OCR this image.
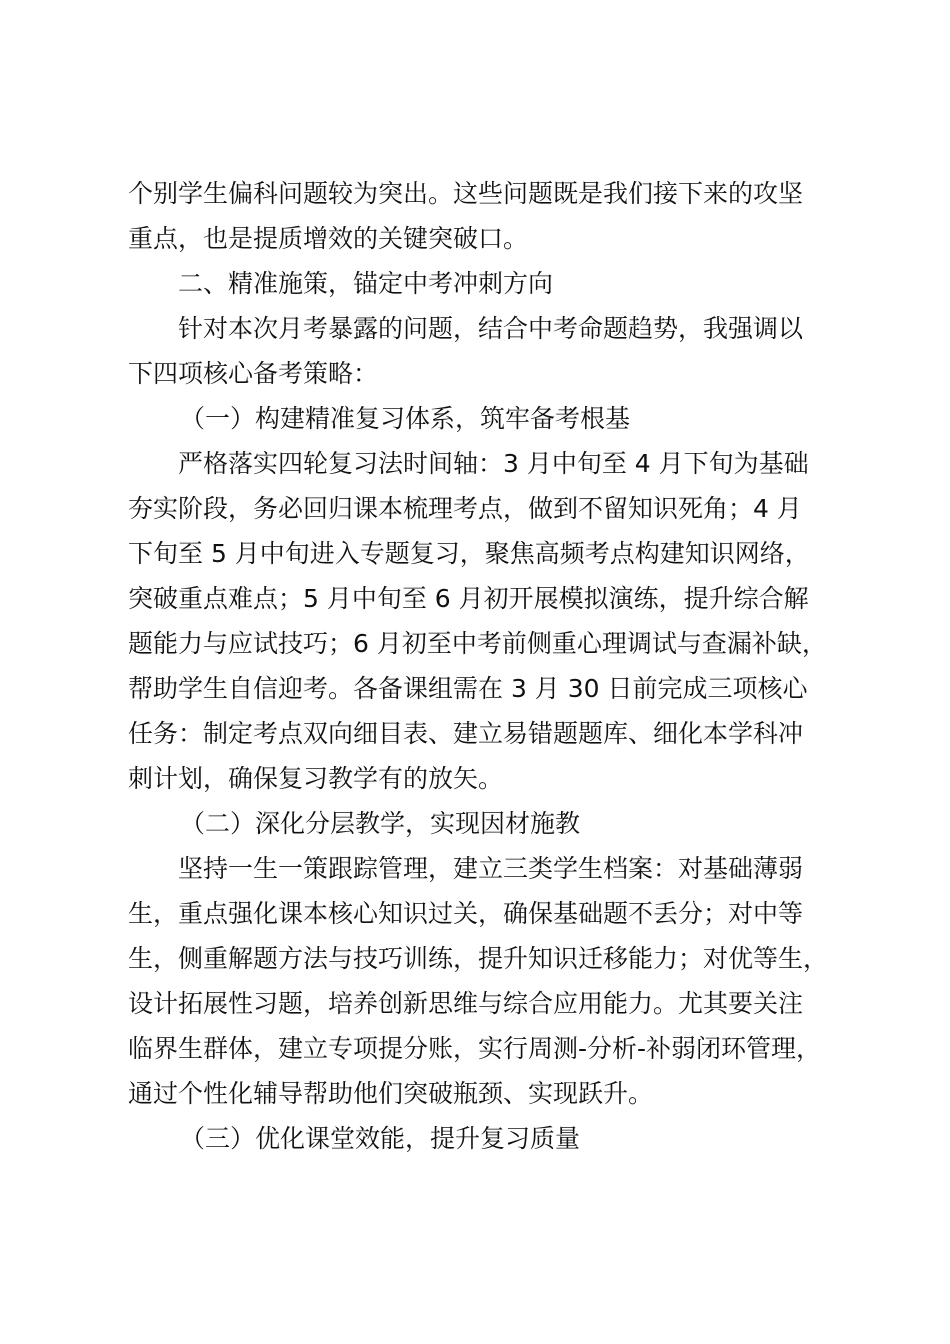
个别学生偏科问题较为突出。这些问题既是我们接下来的攻坚
重点，也是提质增效的关键突破口。
二、精准施策，锚定中考冲刺方向
针对本次月考暴露的问题，结合中考命题趋势，我强调以
下四项核心备考策略：
（一）构建精准复习体系，筑牢备考根基
严格落实四轮复习法时间轴：3 月中旬至 4 月下旬为基础
夯实阶段，务必回归课本梳理考点，做到不留知识死角；4 月
下旬至 5 月中旬进入专题复习，聚焦高频考点构建知识网络，
突破重点难点；5 月中旬至 6 月初开展模拟演练，提升综合解
题能力与应试技巧；6 月初至中考前侧重心理调试与查漏补缺，
帮助学生自信迎考。各备课组需在 3 月 30 日前完成三项核心
任务：制定考点双向细目表、建立易错题题库、细化本学科冲
刺计划，确保复习教学有的放矢。
（二）深化分层教学，实现因材施教
坚持一生一策跟踪管理，建立三类学生档案：对基础薄弱
生，重点强化课本核心知识过关，确保基础题不丢分；对中等
生，侧重解题方法与技巧训练，提升知识迁移能力；对优等生，
设计拓展性习题，培养创新思维与综合应用能力。尤其要关注
临界生群体，建立专项提分账，实行周测-分析-补弱闭环管理，
通过个性化辅导帮助他们突破瓶颈、实现跃升。
（三）优化课堂效能，提升复习质量
